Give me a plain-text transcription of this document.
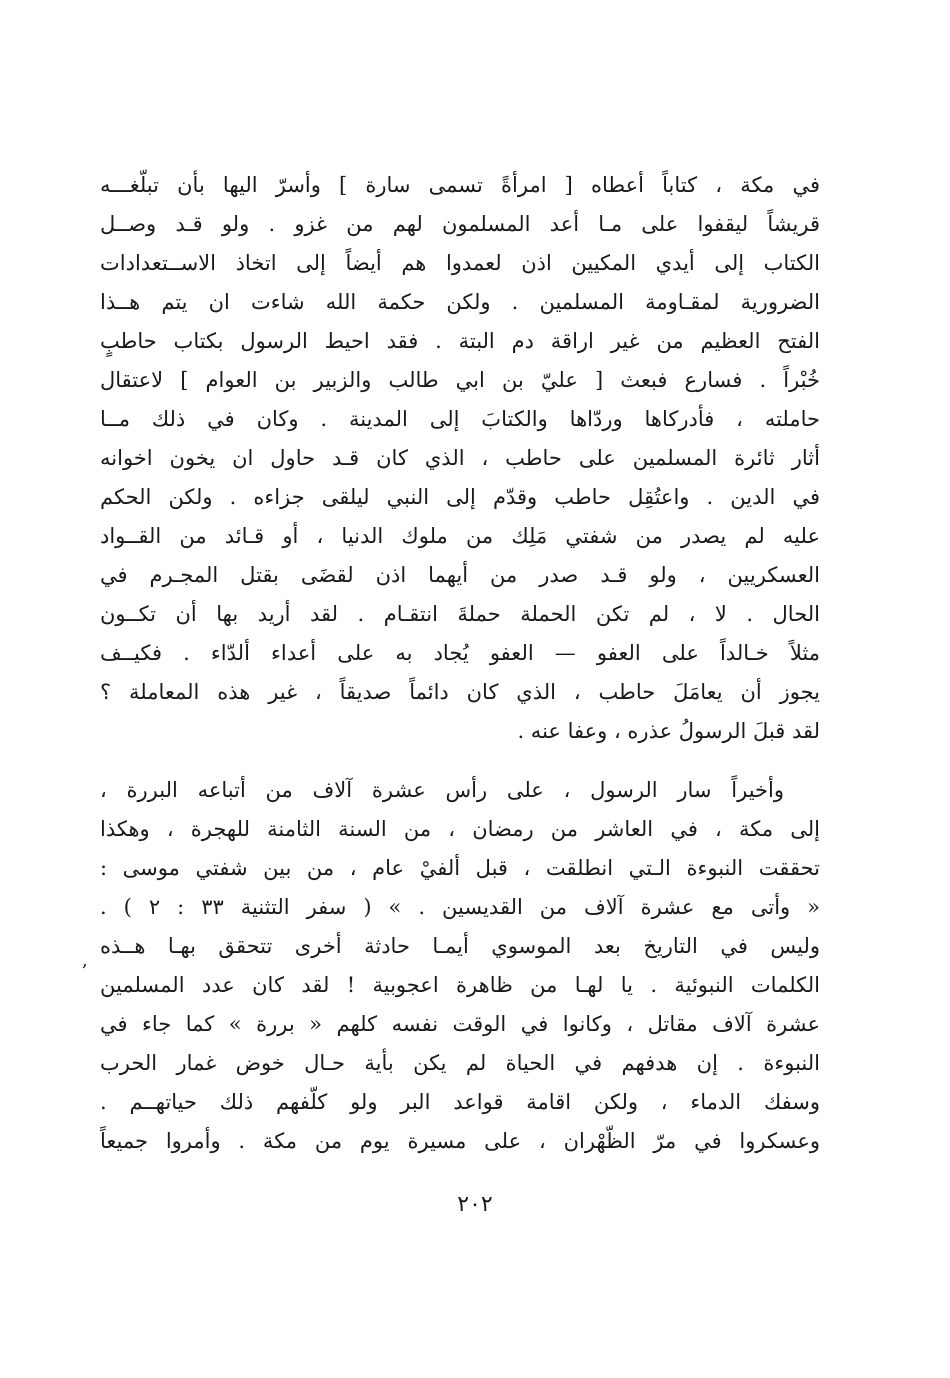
في مكة ، كتاباً أعطاه [ امرأةً تسمى سارة ] وأسرّ اليها بأن تبلّغـــه
قريشاً ليقفوا على مـا أعد المسلمون لهم من غزو . ولو قـد وصــل
الكتاب إلى أيدي المكيين اذن لعمدوا هم أيضاً إلى اتخاذ الاســتعدادات
الضرورية لمقـاومة المسلمين . ولكن حكمة الله شاءت ان يتم هــذا
الفتح العظيم من غير اراقة دم البتة . فقد احيط الرسول بكتاب حاطبٍ
خُبْراً . فسارع فبعث [ عليّ بن ابي طالب والزبير بن العوام ] لاعتقال
حاملته ، فأدركاها وردّاها والكتابَ إلى المدينة . وكان في ذلك مــا
أثار ثائرة المسلمين على حاطب ، الذي كان قـد حاول ان يخون اخوانه
في الدين . واعتُقِل حاطب وقدّم إلى النبي ليلقى جزاءه . ولكن الحكم
عليه لم يصدر من شفتي مَلِك من ملوك الدنيا ، أو قـائد من القــواد
العسكريين ، ولو قـد صدر من أيهما اذن لقضَى بقتل المجـرم في
الحال . لا ، لم تكن الحملة حملةَ انتقـام . لقد أريد بها أن تكــون
مثلاً خـالداً على العفو — العفو يُجاد به على أعداء ألدّاء . فكيــف
يجوز أن يعامَلَ حاطب ، الذي كان دائماً صديقاً ، غير هذه المعاملة ؟
لقد قبلَ الرسولُ عذره ، وعفا عنه .
وأخيراً سار الرسول ، على رأس عشرة آلاف من أتباعه البررة ،
إلى مكة ، في العاشر من رمضان ، من السنة الثامنة للهجرة ، وهكذا
تحققت النبوءة الـتي انطلقت ، قبل ألفيْ عام ، من بين شفتي موسى :
« وأتى مع عشرة آلاف من القديسين . » ( سفر التثنية ٣٣ : ٢ ) .
وليس في التاريخ بعد الموسوي أيمـا حادثة أخرى تتحقق بهـا هــذه
الكلمات النبوئية . يا لهـا من ظاهرة اعجوبية ! لقد كان عدد المسلمين
عشرة آلاف مقاتل ، وكانوا في الوقت نفسه كلهم « بررة » كما جاء في
النبوءة . إن هدفهم في الحياة لم يكن بأية حـال خوض غمار الحرب
وسفك الدماء ، ولكن اقامة قواعد البر ولو كلّفهم ذلك حياتهــم .
وعسكروا في مرّ الظّهْران ، على مسيرة يوم من مكة . وأمروا جميعاً
,
٢٠٢
